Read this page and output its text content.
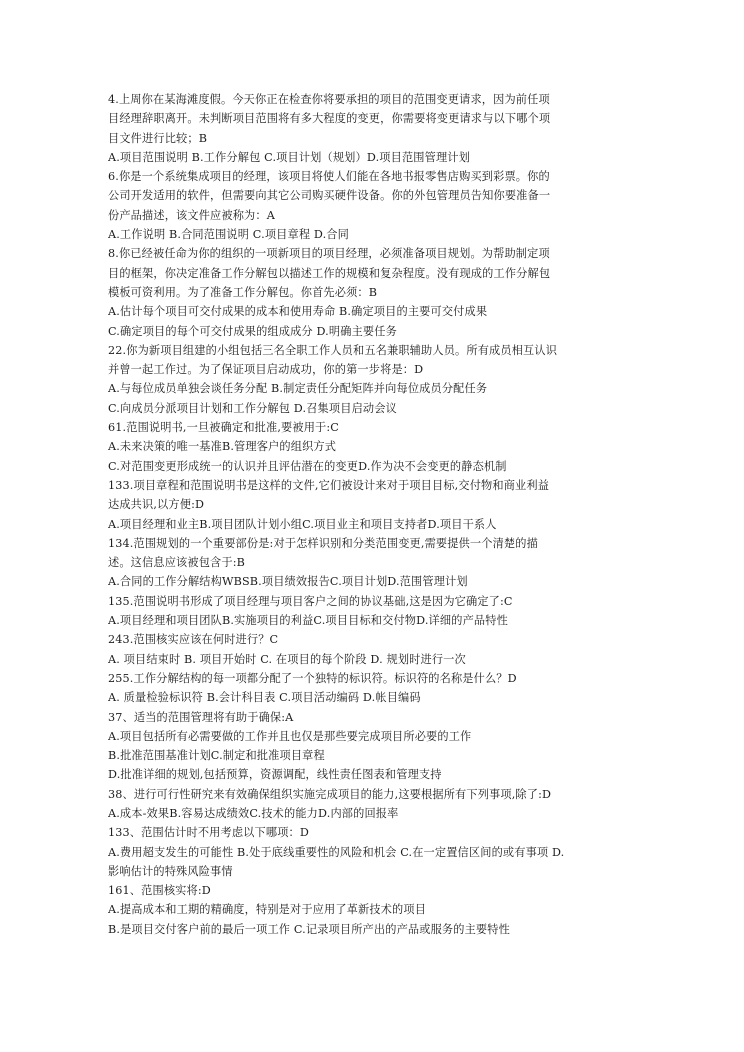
4.上周你在某海滩度假。今天你正在检查你将要承担的项目的范围变更请求，因为前任项
目经理辞职离开。未判断项目范围将有多大程度的变更，你需要将变更请求与以下哪个项
目文件进行比较；B
A.项目范围说明 B.工作分解包 C.项目计划（规划）D.项目范围管理计划
6.你是一个系统集成项目的经理，该项目将使人们能在各地书报零售店购买到彩票。你的
公司开发适用的软件，但需要向其它公司购买硬件设备。你的外包管理员告知你要准备一
份产品描述，该文件应被称为：A
A.工作说明 B.合同范围说明 C.项目章程 D.合同
8.你已经被任命为你的组织的一项新项目的项目经理，必须准备项目规划。为帮助制定项
目的框架，你决定准备工作分解包以描述工作的规模和复杂程度。没有现成的工作分解包
模板可资利用。为了准备工作分解包。你首先必须：B
A.估计每个项目可交付成果的成本和使用寿命 B.确定项目的主要可交付成果
C.确定项目的每个可交付成果的组成成分 D.明确主要任务
22.你为新项目组建的小组包括三名全职工作人员和五名兼职辅助人员。所有成员相互认识
并曾一起工作过。为了保证项目启动成功，你的第一步将是：D
A.与每位成员单独会谈任务分配 B.制定责任分配矩阵并向每位成员分配任务
C.向成员分派项目计划和工作分解包 D.召集项目启动会议
61.范围说明书,一旦被确定和批准,要被用于:C
A.未来决策的唯一基准B.管理客户的组织方式
C.对范围变更形成统一的认识并且评估潜在的变更D.作为决不会变更的静态机制
133.项目章程和范围说明书是这样的文件,它们被设计来对于项目目标,交付物和商业利益
达成共识,以方便:D
A.项目经理和业主B.项目团队计划小组C.项目业主和项目支持者D.项目干系人
134.范围规划的一个重要部份是:对于怎样识别和分类范围变更,需要提供一个清楚的描
述。这信息应该被包含于:B
A.合同的工作分解结构WBSB.项目绩效报告C.项目计划D.范围管理计划
135.范围说明书形成了项目经理与项目客户之间的协议基础,这是因为它确定了:C
A.项目经理和项目团队B.实施项目的利益C.项目目标和交付物D.详细的产品特性
243.范围核实应该在何时进行？C
A. 项目结束时 B. 项目开始时 C. 在项目的每个阶段 D. 规划时进行一次
255.工作分解结构的每一项都分配了一个独特的标识符。标识符的名称是什么？D
A. 质量检验标识符 B.会计科目表 C.项目活动编码 D.帐目编码
37、适当的范围管理将有助于确保:A
A.项目包括所有必需要做的工作并且也仅是那些要完成项目所必要的工作
B.批准范围基准计划C.制定和批准项目章程
D.批准详细的规划,包括预算，资源调配，线性责任图表和管理支持
38、进行可行性研究来有效确保组织实施完成项目的能力,这要根据所有下列事项,除了:D
A.成本-效果B.容易达成绩效C.技术的能力D.内部的回报率
133、范围估计时不用考虑以下哪项：D
A.费用超支发生的可能性 B.处于底线重要性的风险和机会 C.在一定置信区间的或有事项 D.
影响估计的特殊风险事情
161、范围核实将:D
A.提高成本和工期的精确度，特别是对于应用了革新技术的项目
B.是项目交付客户前的最后一项工作 C.记录项目所产出的产品或服务的主要特性
